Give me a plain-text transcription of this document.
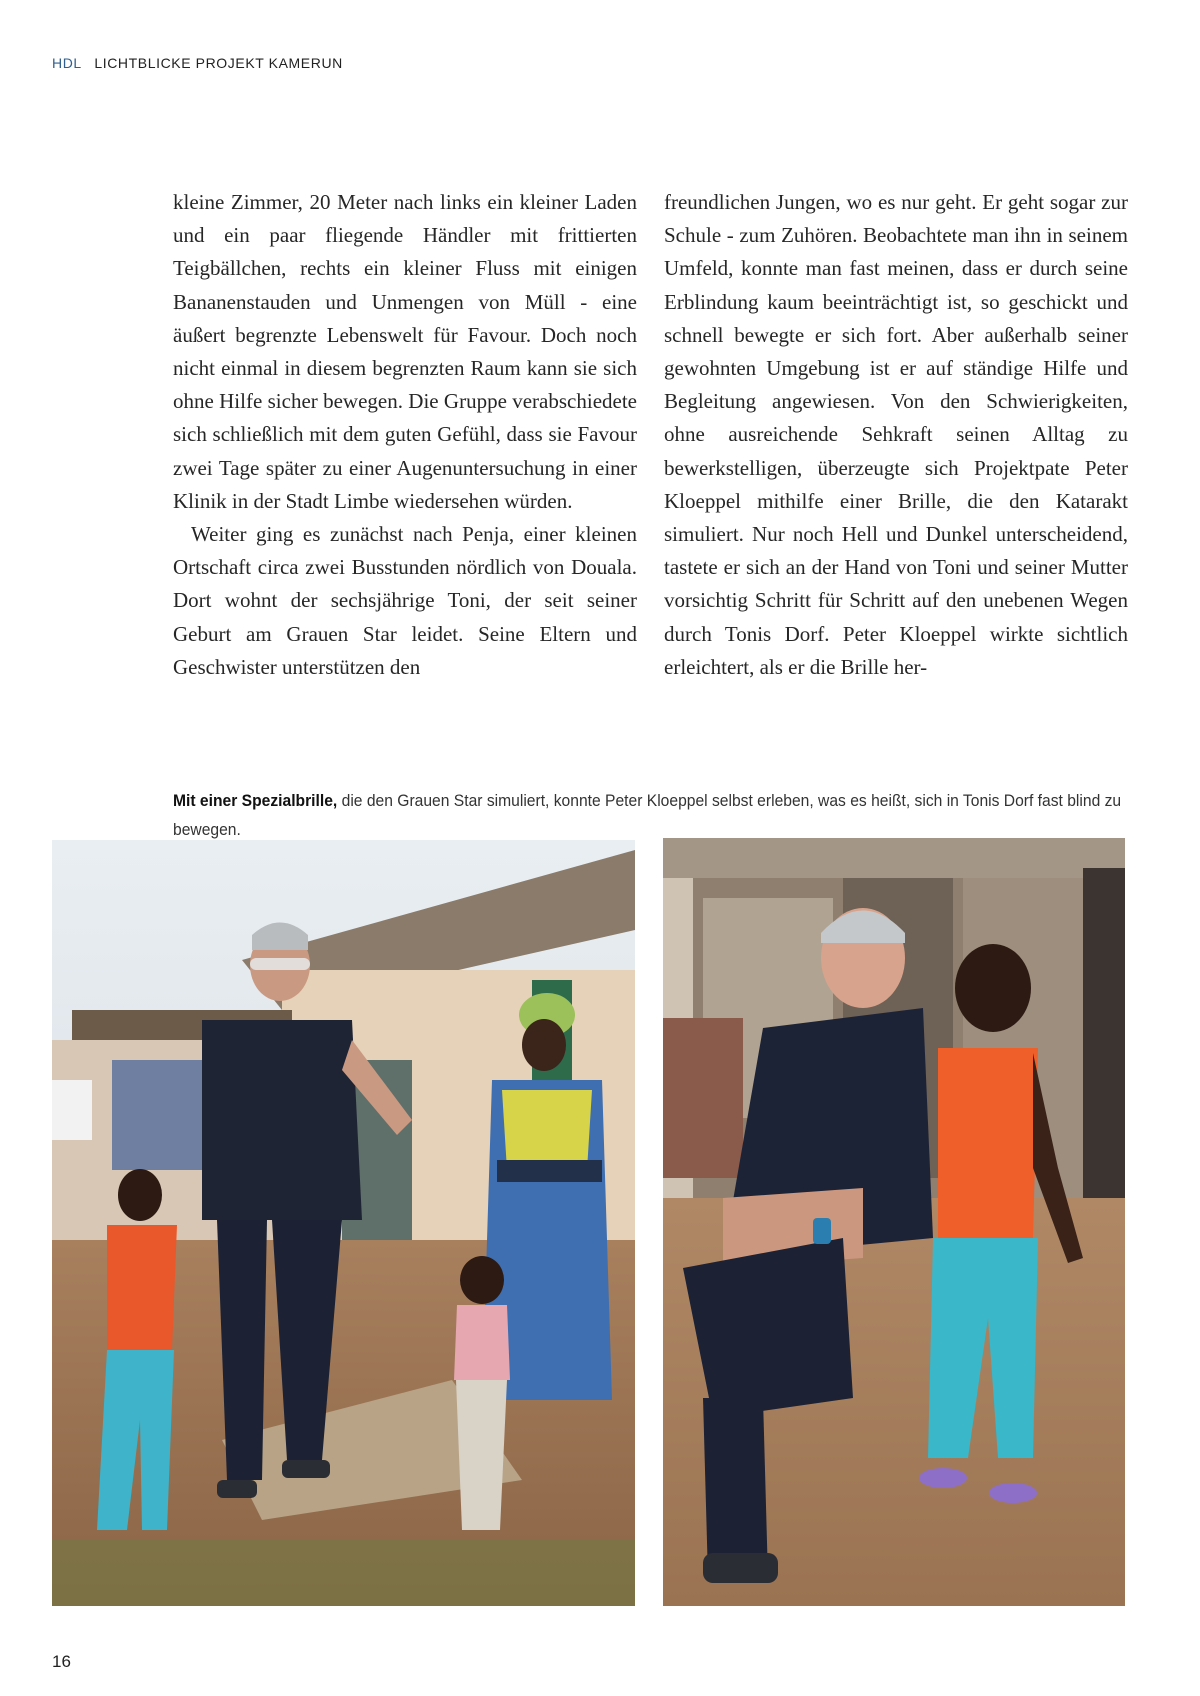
HDL LICHTBLICKE PROJEKT KAMERUN

kleine Zimmer, 20 Meter nach links ein kleiner Laden und ein paar fliegende Händler mit frittierten Teigbällchen, rechts ein kleiner Fluss mit einigen Bananenstauden und Unmengen von Müll - eine äußert begrenzte Lebenswelt für Favour. Doch noch nicht einmal in diesem begrenzten Raum kann sie sich ohne Hilfe sicher bewegen. Die Gruppe verabschiedete sich schließlich mit dem guten Gefühl, dass sie Favour zwei Tage später zu einer Augenuntersuchung in einer Klinik in der Stadt Limbe wiedersehen würden.

Weiter ging es zunächst nach Penja, einer kleinen Ortschaft circa zwei Busstunden nördlich von Douala. Dort wohnt der sechsjährige Toni, der seit seiner Geburt am Grauen Star leidet. Seine Eltern und Geschwister unterstützen den

freundlichen Jungen, wo es nur geht. Er geht sogar zur Schule - zum Zuhören. Beobachtete man ihn in seinem Umfeld, konnte man fast meinen, dass er durch seine Erblindung kaum beeinträchtigt ist, so geschickt und schnell bewegte er sich fort. Aber außerhalb seiner gewohnten Umgebung ist er auf ständige Hilfe und Begleitung angewiesen. Von den Schwierigkeiten, ohne ausreichende Sehkraft seinen Alltag zu bewerkstelligen, überzeugte sich Projektpate Peter Kloeppel mithilfe einer Brille, die den Katarakt simuliert. Nur noch Hell und Dunkel unterscheidend, tastete er sich an der Hand von Toni und seiner Mutter vorsichtig Schritt für Schritt auf den unebenen Wegen durch Tonis Dorf. Peter Kloeppel wirkte sichtlich erleichtert, als er die Brille her-

Mit einer Spezialbrille, die den Grauen Star simuliert, konnte Peter Kloeppel selbst erleben, was es heißt, sich in Tonis Dorf fast blind zu bewegen.
16
